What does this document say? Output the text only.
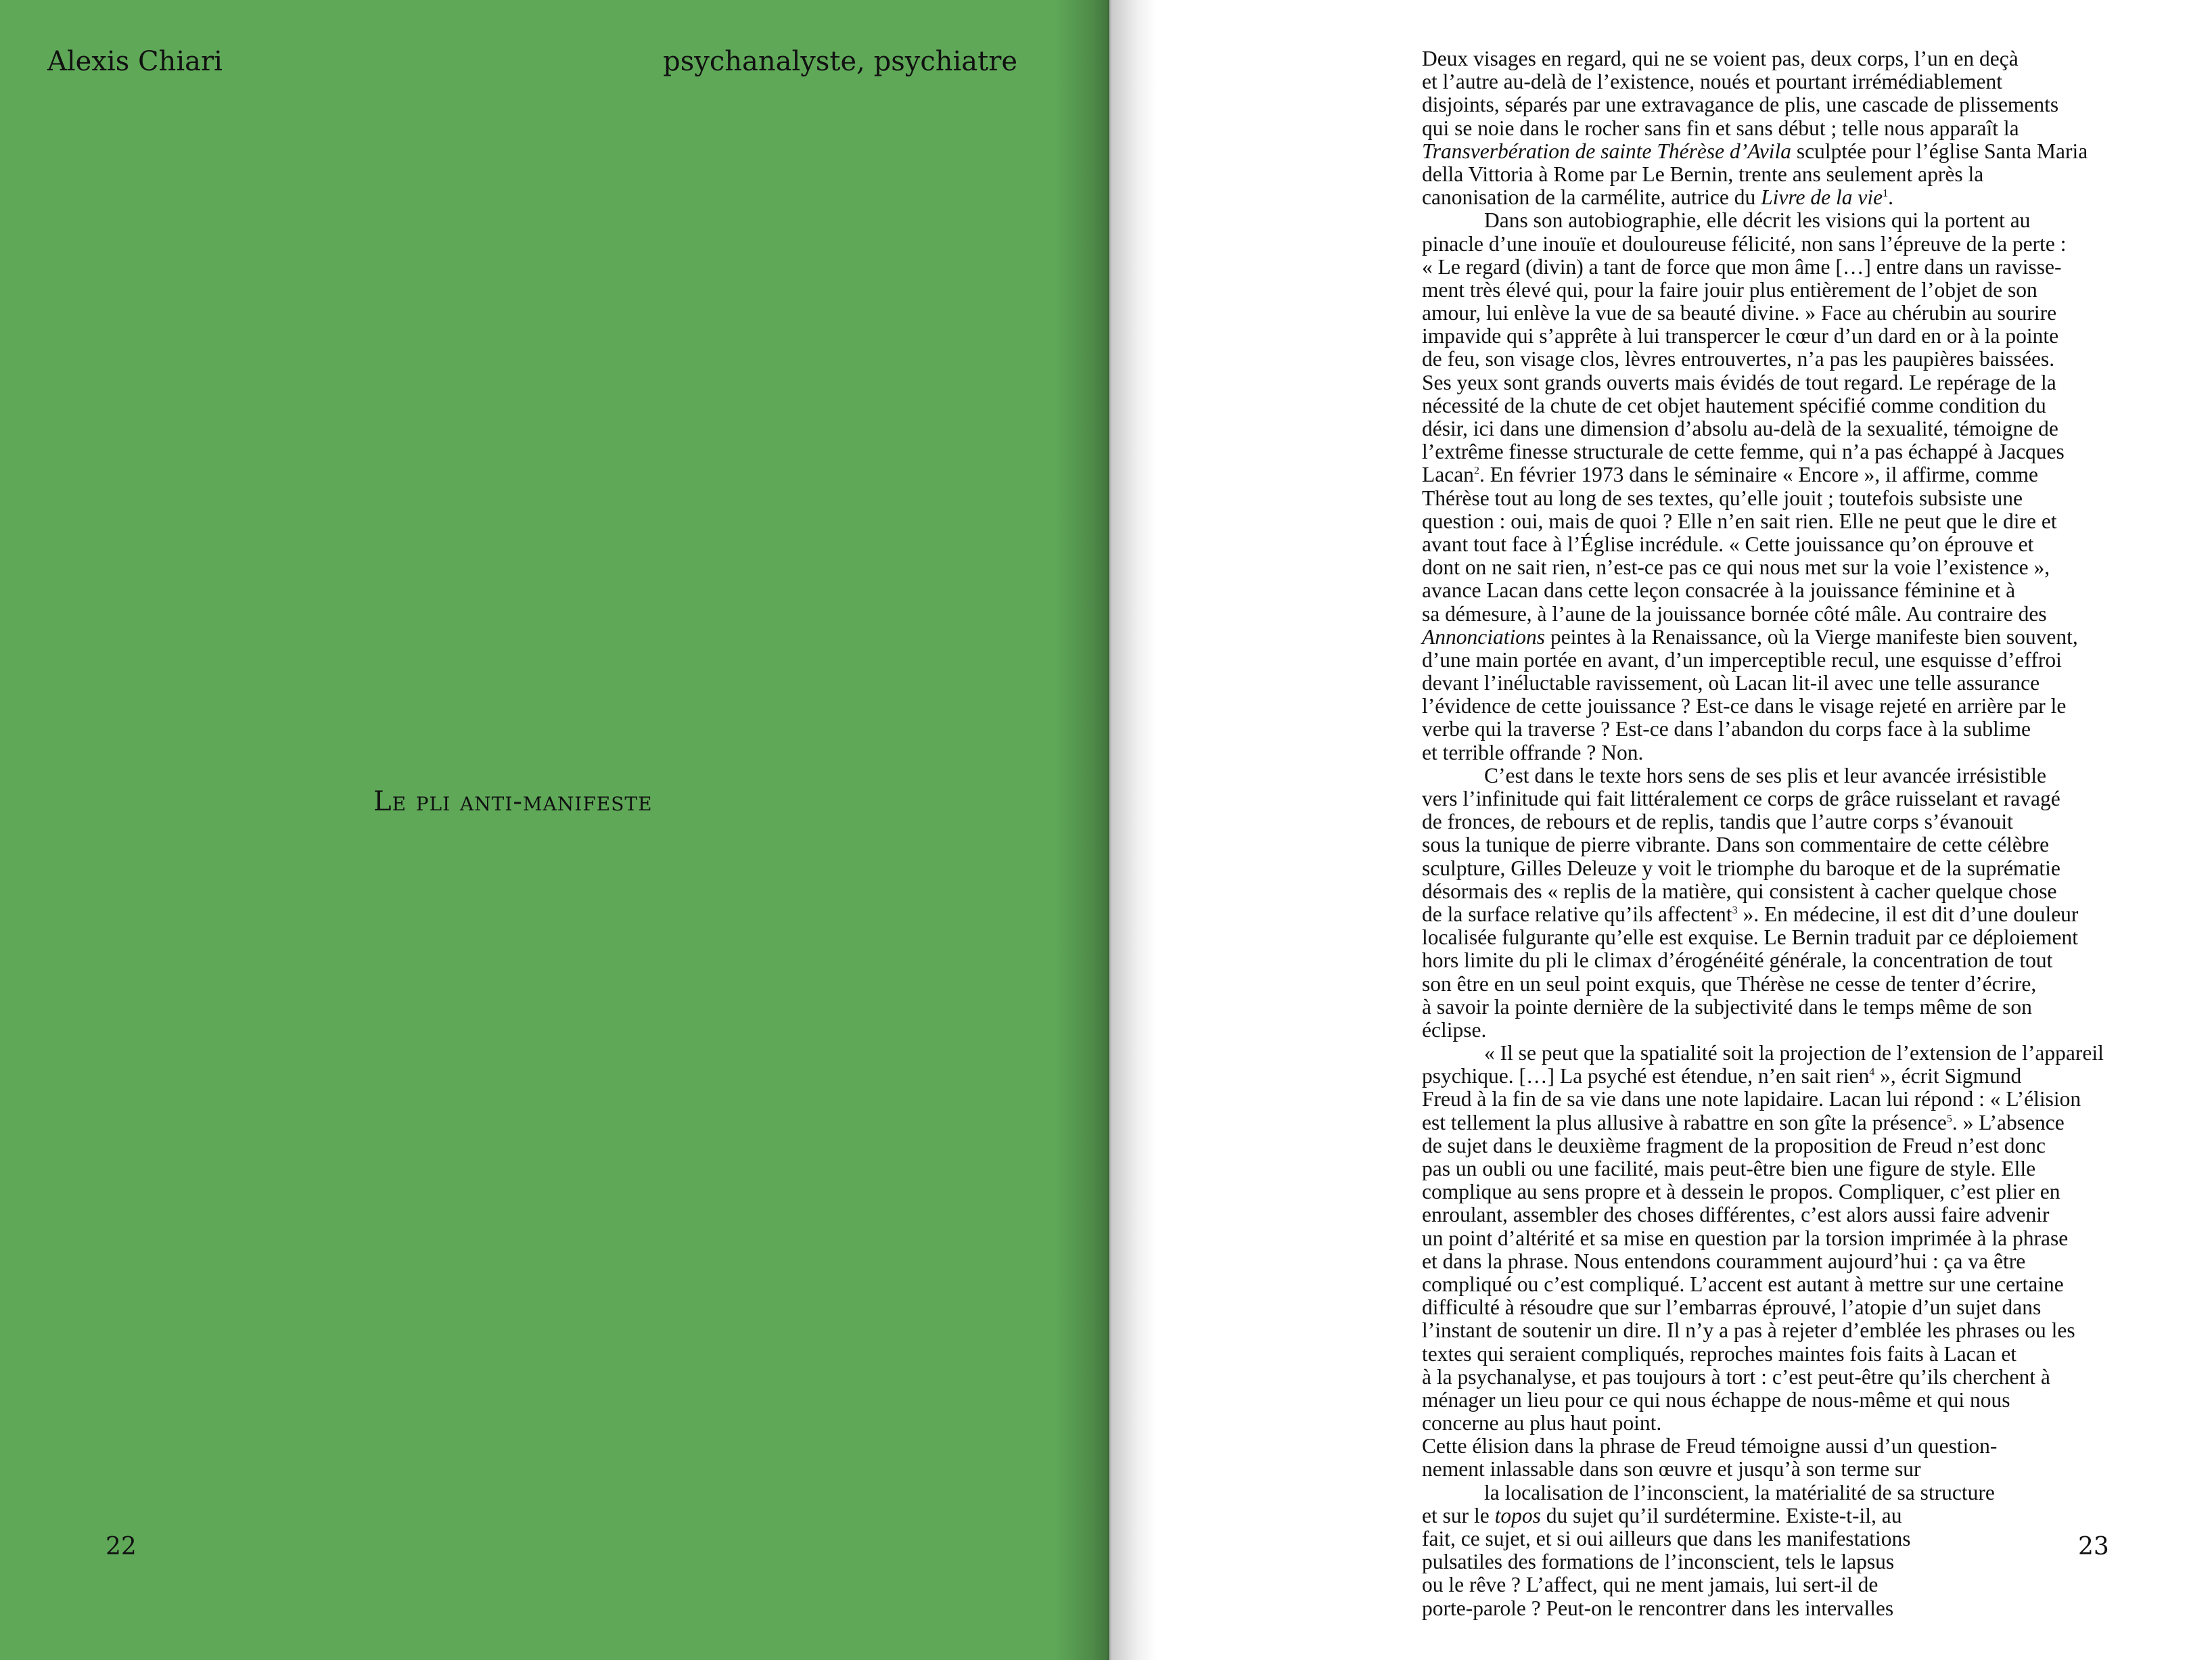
Alexis Chiari	psychanalyste, psychiatre
Le pli anti-manifeste
22
Deux visages en regard, qui ne se voient pas, deux corps, l’un en deçà
et l’autre au-delà de l’existence, noués et pourtant irrémédiablement
disjoints, séparés par une extravagance de plis, une cascade de plissements
qui se noie dans le rocher sans fin et sans début ; telle nous apparaît la
Transverbération de sainte Thérèse d’Avila sculptée pour l’église Santa Maria
della Vittoria à Rome par Le Bernin, trente ans seulement après la
canonisation de la carmélite, autrice du Livre de la vie$^1$.
Dans son autobiographie, elle décrit les visions qui la portent au
pinacle d’une inouïe et douloureuse félicité, non sans l’épreuve de la perte :
« Le regard (divin) a tant de force que mon âme […] entre dans un ravisse-
ment très élevé qui, pour la faire jouir plus entièrement de l’objet de son
amour, lui enlève la vue de sa beauté divine. » Face au chérubin au sourire
impavide qui s’apprête à lui transpercer le cœur d’un dard en or à la pointe
de feu, son visage clos, lèvres entrouvertes, n’a pas les paupières baissées.
Ses yeux sont grands ouverts mais évidés de tout regard. Le repérage de la
nécessité de la chute de cet objet hautement spécifié comme condition du
désir, ici dans une dimension d’absolu au-delà de la sexualité, témoigne de
l’extrême finesse structurale de cette femme, qui n’a pas échappé à Jacques
Lacan$^2$. En février 1973 dans le séminaire « Encore », il affirme, comme
Thérèse tout au long de ses textes, qu’elle jouit ; toutefois subsiste une
question : oui, mais de quoi ? Elle n’en sait rien. Elle ne peut que le dire et
avant tout face à l’Église incrédule. « Cette jouissance qu’on éprouve et
dont on ne sait rien, n’est-ce pas ce qui nous met sur la voie l’existence »,
avance Lacan dans cette leçon consacrée à la jouissance féminine et à
sa démesure, à l’aune de la jouissance bornée côté mâle. Au contraire des
Annonciations peintes à la Renaissance, où la Vierge manifeste bien souvent,
d’une main portée en avant, d’un imperceptible recul, une esquisse d’effroi
devant l’inéluctable ravissement, où Lacan lit-il avec une telle assurance
l’évidence de cette jouissance ? Est-ce dans le visage rejeté en arrière par le
verbe qui la traverse ? Est-ce dans l’abandon du corps face à la sublime
et terrible offrande ? Non.
C’est dans le texte hors sens de ses plis et leur avancée irrésistible
vers l’infinitude qui fait littéralement ce corps de grâce ruisselant et ravagé
de fronces, de rebours et de replis, tandis que l’autre corps s’évanouit
sous la tunique de pierre vibrante. Dans son commentaire de cette célèbre
sculpture, Gilles Deleuze y voit le triomphe du baroque et de la suprématie
désormais des « replis de la matière, qui consistent à cacher quelque chose
de la surface relative qu’ils affectent$^3$ ». En médecine, il est dit d’une douleur
localisée fulgurante qu’elle est exquise. Le Bernin traduit par ce déploiement
hors limite du pli le climax d’érogénéité générale, la concentration de tout
son être en un seul point exquis, que Thérèse ne cesse de tenter d’écrire,
à savoir la pointe dernière de la subjectivité dans le temps même de son
éclipse.
« Il se peut que la spatialité soit la projection de l’extension de l’appareil
psychique. […] La psyché est étendue, n’en sait rien$^4$ », écrit Sigmund
Freud à la fin de sa vie dans une note lapidaire. Lacan lui répond : « L’élision
est tellement la plus allusive à rabattre en son gîte la présence$^5$. » L’absence
de sujet dans le deuxième fragment de la proposition de Freud n’est donc
pas un oubli ou une facilité, mais peut-être bien une figure de style. Elle
complique au sens propre et à dessein le propos. Compliquer, c’est plier en
enroulant, assembler des choses différentes, c’est alors aussi faire advenir
un point d’altérité et sa mise en question par la torsion imprimée à la phrase
et dans la phrase. Nous entendons couramment aujourd’hui : ça va être
compliqué ou c’est compliqué. L’accent est autant à mettre sur une certaine
difficulté à résoudre que sur l’embarras éprouvé, l’atopie d’un sujet dans
l’instant de soutenir un dire. Il n’y a pas à rejeter d’emblée les phrases ou les
textes qui seraient compliqués, reproches maintes fois faits à Lacan et
à la psychanalyse, et pas toujours à tort : c’est peut-être qu’ils cherchent à
ménager un lieu pour ce qui nous échappe de nous-même et qui nous
concerne au plus haut point.
Cette élision dans la phrase de Freud témoigne aussi d’un question-
nement inlassable dans son œuvre et jusqu’à son terme sur
la localisation de l’inconscient, la matérialité de sa structure
et sur le topos du sujet qu’il surdétermine. Existe-t-il, au
fait, ce sujet, et si oui ailleurs que dans les manifestations
pulsatiles des formations de l’inconscient, tels le lapsus
ou le rêve ? L’affect, qui ne ment jamais, lui sert-il de
porte-parole ? Peut-on le rencontrer dans les intervalles
23
